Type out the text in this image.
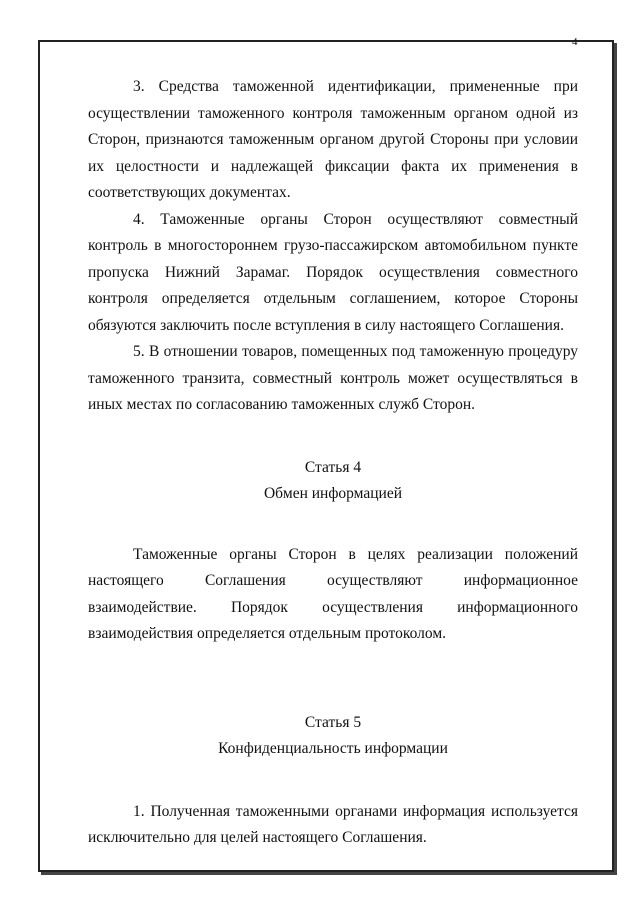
4

3. Средства таможенной идентификации, примененные при осуществлении таможенного контроля таможенным органом одной из Сторон, признаются таможенным органом другой Стороны при условии их целостности и надлежащей фиксации факта их применения в соответствующих документах.

4. Таможенные органы Сторон осуществляют совместный контроль в многостороннем грузо-пассажирском автомобильном пункте пропуска Нижний Зарамаг. Порядок осуществления совместного контроля определяется отдельным соглашением, которое Стороны обязуются заключить после вступления в силу настоящего Соглашения.

5. В отношении товаров, помещенных под таможенную процедуру таможенного транзита, совместный контроль может осуществляться в иных местах по согласованию таможенных служб Сторон.

Статья 4

Обмен информацией

Таможенные органы Сторон в целях реализации положений настоящего Соглашения осуществляют информационное взаимодействие. Порядок осуществления информационного взаимодействия определяется отдельным протоколом.

Статья 5

Конфиденциальность информации

1. Полученная таможенными органами информация используется исключительно для целей настоящего Соглашения.
